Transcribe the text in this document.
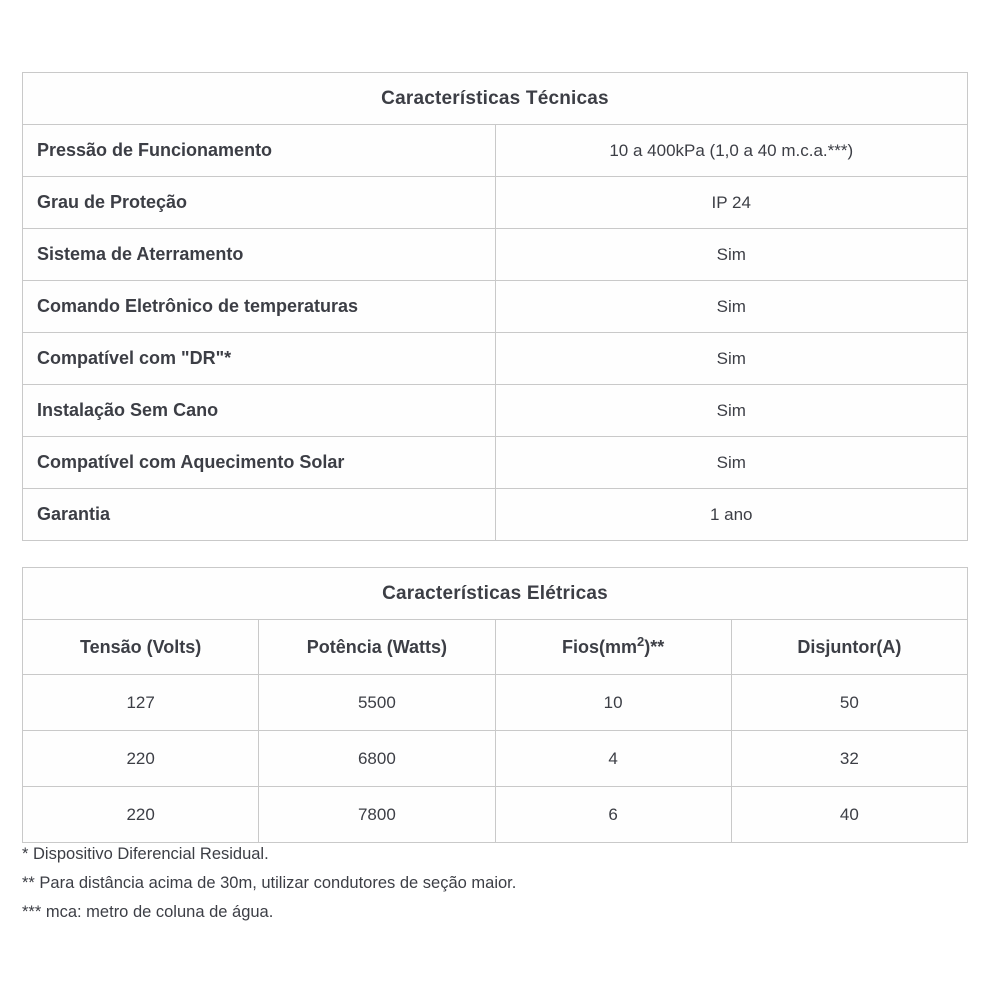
Características Técnicas	
Pressão de Funcionamento	10 a 400kPa (1,0 a 40 m.c.a.***)
Grau de Proteção	IP 24
Sistema de Aterramento	Sim
Comando Eletrônico de temperaturas	Sim
Compatível com "DR"*	Sim
Instalação Sem Cano	Sim
Compatível com Aquecimento Solar	Sim
Garantia	1 ano
Características Elétricas			
Tensão (Volts)	Potência (Watts)	$Fios(mm^2)**$	Disjuntor(A)
127	5500	10	50
220	6800	4	32
220	7800	6	40

* Dispositivo Diferencial Residual.

** Para distância acima de 30m, utilizar condutores de seção maior.

*** mca: metro de coluna de água.
